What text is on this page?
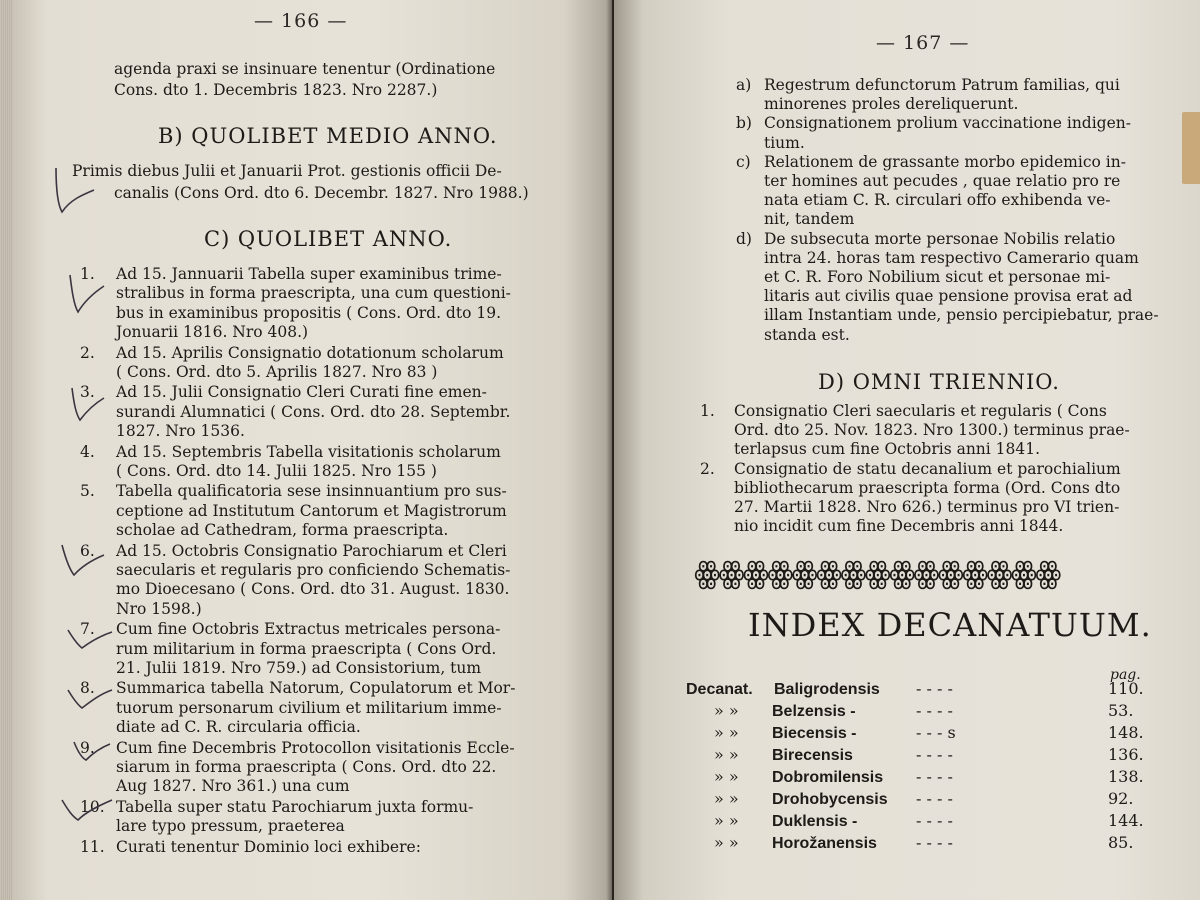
— 166 —
agenda praxi se insinuare tenentur (Ordinatione
Cons. dto 1. Decembris 1823. Nro 2287.)
B) QUOLIBET MEDIO ANNO.
Primis diebus Julii et Januarii Prot. gestionis officii De-
canalis (Cons Ord. dto 6. Decembr. 1827. Nro 1988.)
C) QUOLIBET ANNO.
1. Ad 15. Jannuarii Tabella super examinibus trime-
stralibus in forma praescripta, una cum questioni-
bus in examinibus propositis ( Cons. Ord. dto 19.
Jonuarii 1816. Nro 408.)
2. Ad 15. Aprilis Consignatio dotationum scholarum
( Cons. Ord. dto 5. Aprilis 1827. Nro 83 )
3. Ad 15. Julii Consignatio Cleri Curati fine emen-
surandi Alumnatici ( Cons. Ord. dto 28. Septembr.
1827. Nro 1536.
4. Ad 15. Septembris Tabella visitationis scholarum
( Cons. Ord. dto 14. Julii 1825. Nro 155 )
5. Tabella qualificatoria sese insinnuantium pro sus-
ceptione ad Institutum Cantorum et Magistrorum
scholae ad Cathedram, forma praescripta.
6. Ad 15. Octobris Consignatio Parochiarum et Cleri
saecularis et regularis pro conficiendo Schematis-
mo Dioecesano ( Cons. Ord. dto 31. August. 1830.
Nro 1598.)
7. Cum fine Octobris Extractus metricales persona-
rum militarium in forma praescripta ( Cons Ord.
21. Julii 1819. Nro 759.) ad Consistorium, tum
8. Summarica tabella Natorum, Copulatorum et Mor-
tuorum personarum civilium et militarium imme-
diate ad C. R. circularia officia.
9. Cum fine Decembris Protocollon visitationis Eccle-
siarum in forma praescripta ( Cons. Ord. dto 22.
Aug 1827. Nro 361.) una cum
10. Tabella super statu Parochiarum juxta formu-
lare typo pressum, praeterea
11. Curati tenentur Dominio loci exhibere:
— 167 —
a) Regestrum defunctorum Patrum familias, qui
minorenes proles dereliquerunt.
b) Consignationem prolium vaccinatione indigen-
tium.
c) Relationem de grassante morbo epidemico in-
ter homines aut pecudes , quae relatio pro re
nata etiam C. R. circulari offo exhibenda ve-
nit, tandem
d) De subsecuta morte personae Nobilis relatio
intra 24. horas tam respectivo Camerario quam
et C. R. Foro Nobilium sicut et personae mi-
litaris aut civilis quae pensione provisa erat ad
illam Instantiam unde, pensio percipiebatur, prae-
standa est.
D) OMNI TRIENNIO.
1. Consignatio Cleri saecularis et regularis ( Cons
Ord. dto 25. Nov. 1823. Nro 1300.) terminus prae-
terlapsus cum fine Octobris anni 1841.
2. Consignatio de statu decanalium et parochialium
bibliothecarum praescripta forma (Ord. Cons dto
27. Martii 1828. Nro 626.) terminus pro VI trien-
nio incidit cum fine Decembris anni 1844.
ꙮꙮꙮꙮꙮꙮꙮꙮꙮꙮꙮꙮꙮꙮꙮ
INDEX DECANATUUM.
pag.
Decanat. Baligrodensis - - - -	110.
» » Belzensis -	- - - -	53.
» » Biecensis -	- - - s	148.
» » Birecensis	- - - -	136.
» » Dobromilensis - - - -	138.
» » Drohobycensis - - - -	92.
» » Duklensis -	- - - -	144.
» » Horožanensis - - - -	85.
